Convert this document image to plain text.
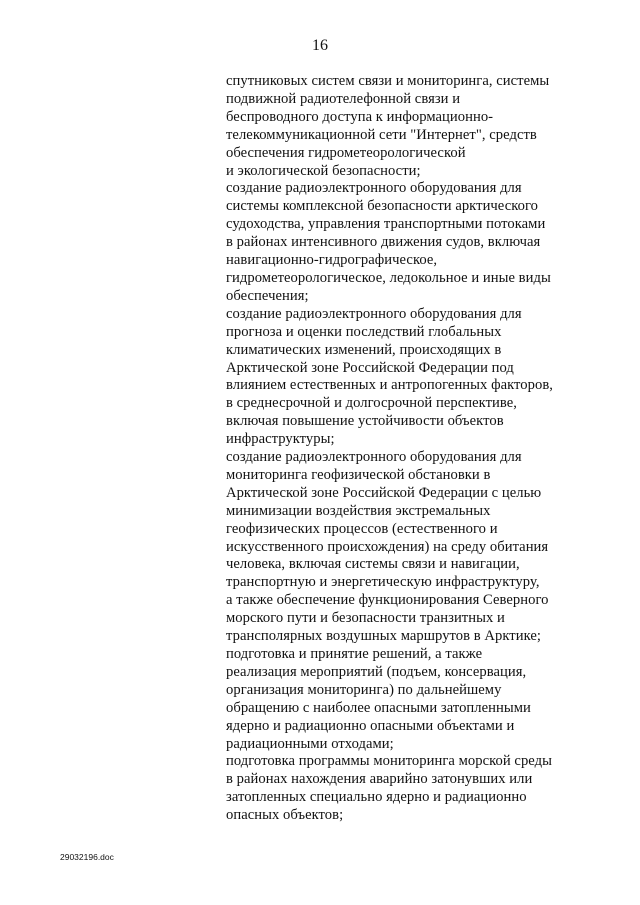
16
спутниковых систем связи и мониторинга, системы
подвижной радиотелефонной связи и
беспроводного доступа к информационно-
телекоммуникационной сети "Интернет", средств
обеспечения гидрометеорологической
и экологической безопасности;
создание радиоэлектронного оборудования для
системы комплексной безопасности арктического
судоходства, управления транспортными потоками
в районах интенсивного движения судов, включая
навигационно-гидрографическое,
гидрометеорологическое, ледокольное и иные виды
обеспечения;
создание радиоэлектронного оборудования для
прогноза и оценки последствий глобальных
климатических изменений, происходящих в
Арктической зоне Российской Федерации под
влиянием естественных и антропогенных факторов,
в среднесрочной и долгосрочной перспективе,
включая повышение устойчивости объектов
инфраструктуры;
создание радиоэлектронного оборудования для
мониторинга геофизической обстановки в
Арктической зоне Российской Федерации с целью
минимизации воздействия экстремальных
геофизических процессов (естественного и
искусственного происхождения) на среду обитания
человека, включая системы связи и навигации,
транспортную и энергетическую инфраструктуру,
а также обеспечение функционирования Северного
морского пути и безопасности транзитных и
трансполярных воздушных маршрутов в Арктике;
подготовка и принятие решений, а также
реализация мероприятий (подъем, консервация,
организация мониторинга) по дальнейшему
обращению с наиболее опасными затопленными
ядерно и радиационно опасными объектами и
радиационными отходами;
подготовка программы мониторинга морской среды
в районах нахождения аварийно затонувших или
затопленных специально ядерно и радиационно
опасных объектов;
29032196.doc
